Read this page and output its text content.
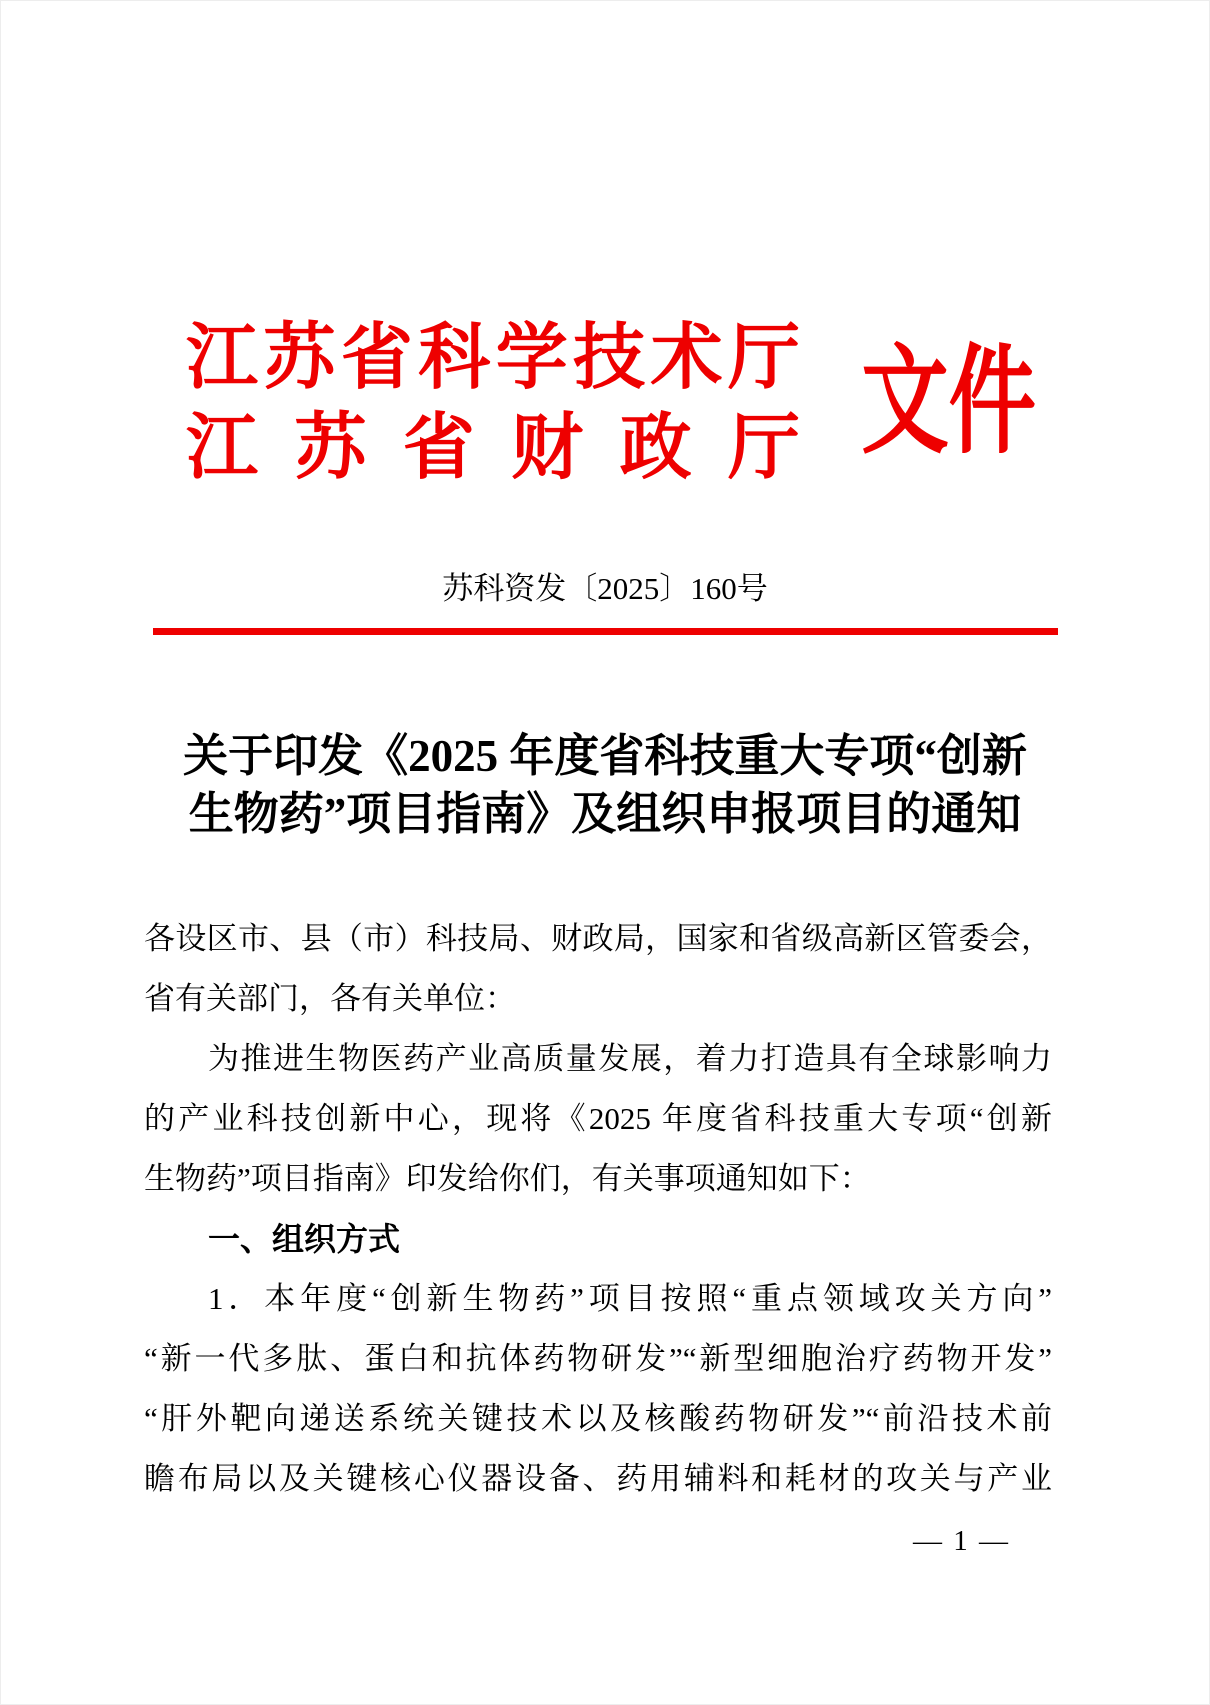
江苏省科学技术厅
江苏省财政厅 文件
苏科资发〔2025〕160号
关于印发《2025 年度省科技重大专项“创新
生物药”项目指南》及组织申报项目的通知

各设区市、县（市）科技局、财政局，国家和省级高新区管委会，

省有关部门，各有关单位：

为推进生物医药产业高质量发展，着力打造具有全球影响力

的产业科技创新中心，现将《2025 年度省科技重大专项“创新

生物药”项目指南》印发给你们，有关事项通知如下：

一、组织方式

1．本年度“创新生物药”项目按照“重点领域攻关方向”

“新一代多肽、蛋白和抗体药物研发”“新型细胞治疗药物开发”

“肝外靶向递送系统关键技术以及核酸药物研发”“前沿技术前

瞻布局以及关键核心仪器设备、药用辅料和耗材的攻关与产业

— 1 —
